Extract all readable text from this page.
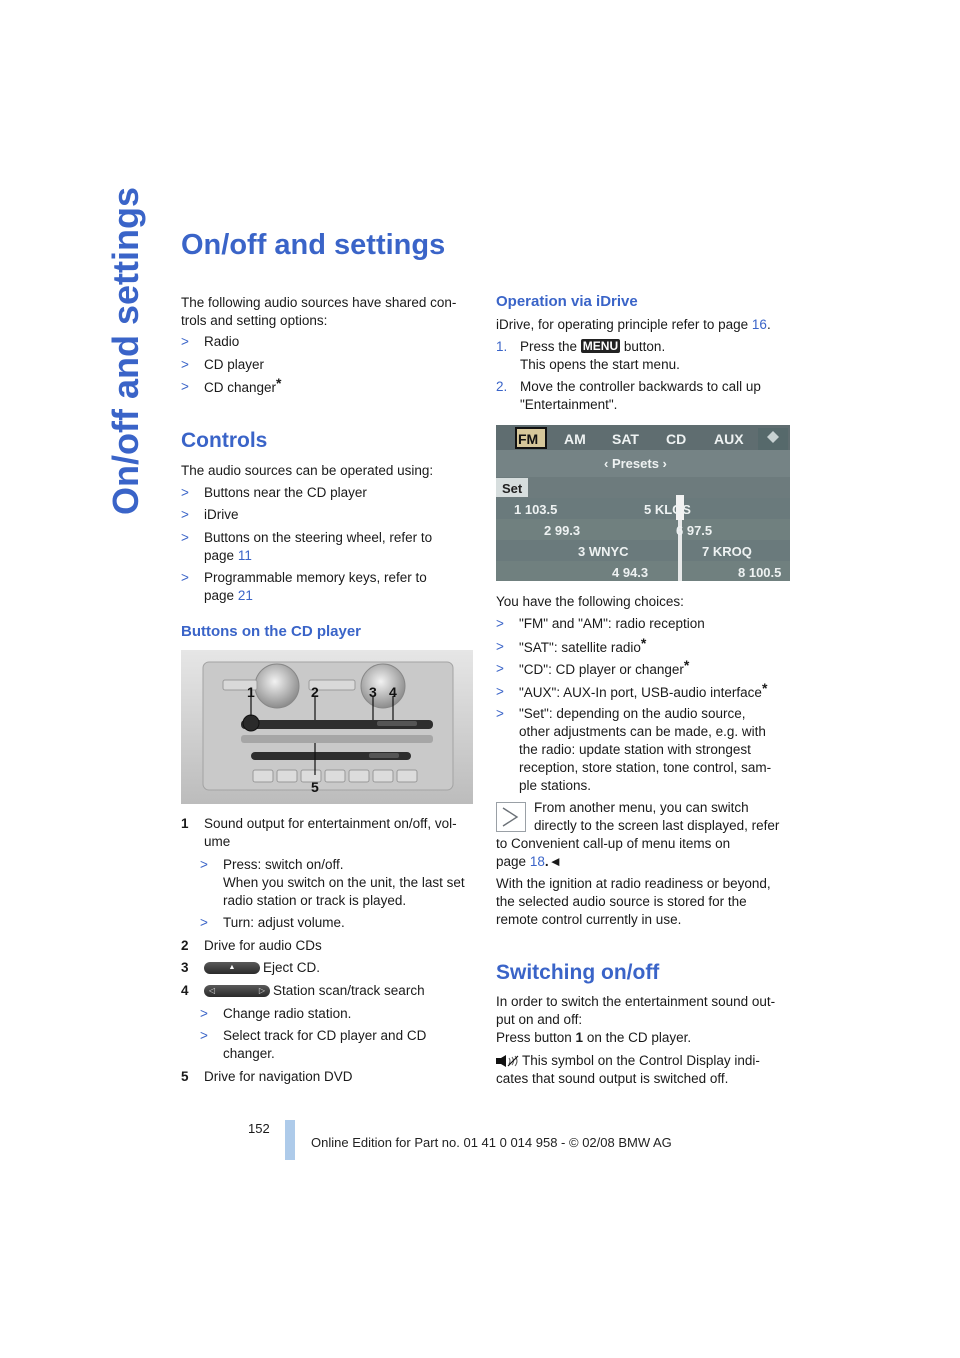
On/off and settings On/off and settings
The following audio sources have shared con-
trols and setting options:
> Radio
> CD player
> CD changer*
Controls
The audio sources can be operated using:
> Buttons near the CD player
> iDrive
> Buttons on the steering wheel, refer to
page 11
> Programmable memory keys, refer to
page 21
Buttons on the CD player
1	2	3 4
5
1 Sound output for entertainment on/off, vol-
ume
> Press: switch on/off.
When you switch on the unit, the last set
radio station or track is played.
> Turn: adjust volume.
2 Drive for audio CDs
3	▲ Eject CD.
4	◁	▷ Station scan/track search
> Change radio station.
> Select track for CD player and CD
changer.
5 Drive for navigation DVD
Operation via iDrive
iDrive, for operating principle refer to page 16.
1. Press the MENU button.
This opens the start menu.
2. Move the controller backwards to call up
"Entertainment".
FM AM SAT CD AUX
‹ Presets ›
Set
1 103.5
2 99.3
3 WNYC
4 94.3
5 KLOS
6 97.5
7 KROQ
8 100.5
You have the following choices:
> "FM" and "AM": radio reception
> "SAT": satellite radio*
> "CD": CD player or changer*
> "AUX": AUX-In port, USB-audio interface*
> "Set": depending on the audio source,
other adjustments can be made, e.g. with
the radio: update station with strongest
reception, store station, tone control, sam-
ple stations.
From another menu, you can switch
directly to the screen last displayed, refer
to Convenient call-up of menu items on
page 18.◄
With the ignition at radio readiness or beyond,
the selected audio source is stored for the
remote control currently in use.
Switching on/off
In order to switch the entertainment sound out-
put on and off:
Press button 1 on the CD player.
This symbol on the Control Display indi-
cates that sound output is switched off.
152
Online Edition for Part no. 01 41 0 014 958 - © 02/08 BMW AG
